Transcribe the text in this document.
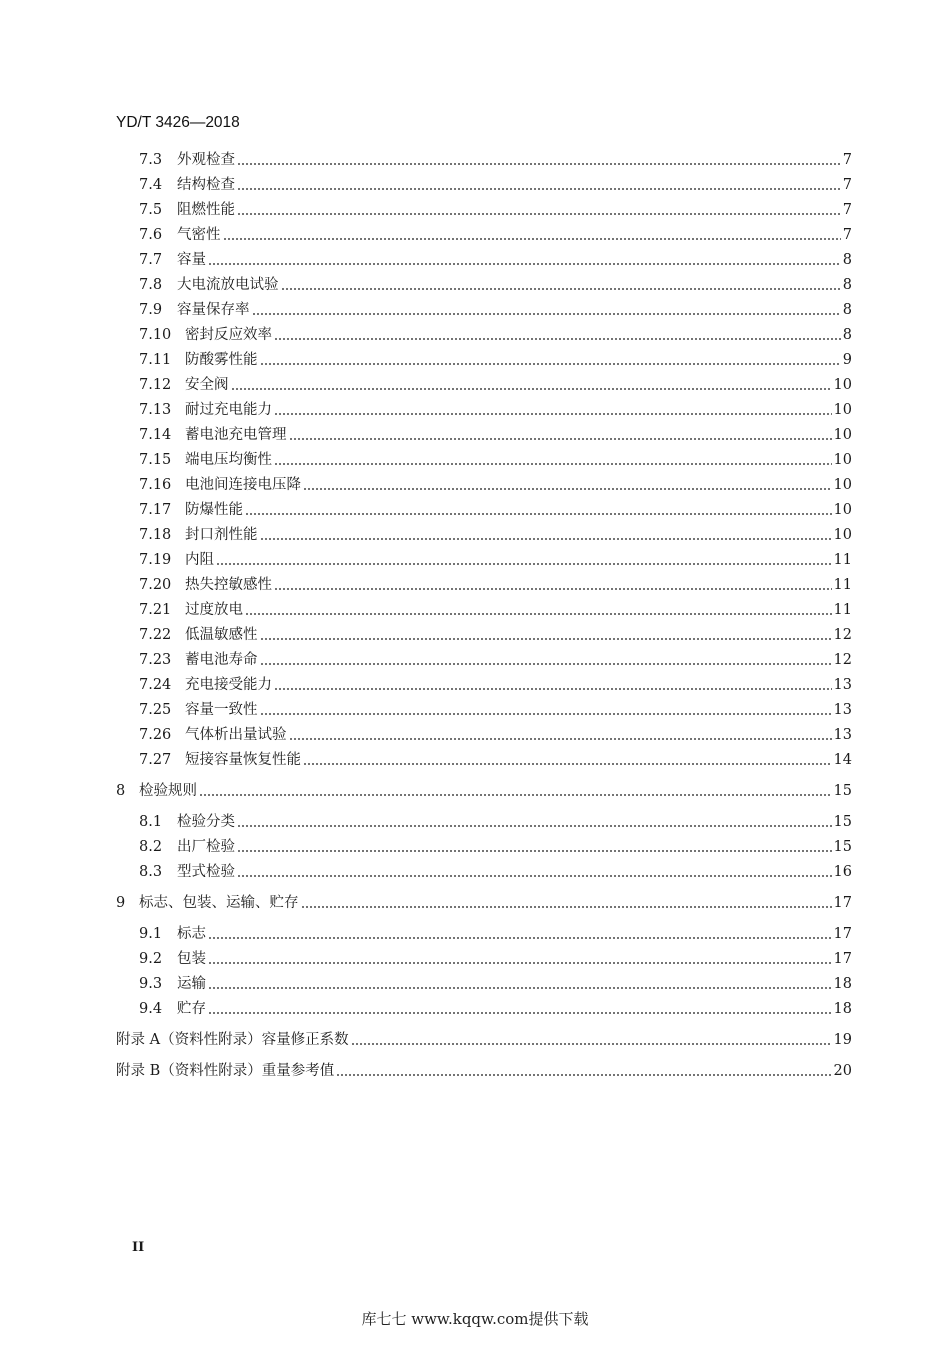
YD/T 3426—2018
7.3	外观检查	7
7.4	结构检查	7
7.5	阻燃性能	7
7.6	气密性	7
7.7	容量	8
7.8	大电流放电试验	8
7.9	容量保存率	8
7.10 密封反应效率	8
7.11 防酸雾性能	9
7.12 安全阀	10
7.13 耐过充电能力	10
7.14 蓄电池充电管理	10
7.15 端电压均衡性	10
7.16 电池间连接电压降	10
7.17 防爆性能	10
7.18 封口剂性能	10
7.19 内阻	11
7.20 热失控敏感性	11
7.21 过度放电	11
7.22 低温敏感性	12
7.23 蓄电池寿命	12
7.24 充电接受能力	13
7.25 容量一致性	13
7.26 气体析出量试验	13
7.27 短接容量恢复性能	14
8 检验规则	15
8.1	检验分类	15
8.2	出厂检验	15
8.3	型式检验	16
9 标志、包装、运输、贮存	17
9.1	标志	17
9.2	包装	17
9.3	运输	18
9.4	贮存	18
附录 A（资料性附录）容量修正系数	19
附录 B（资料性附录）重量参考值	20
II
库七七 www.kqqw.com提供下载
